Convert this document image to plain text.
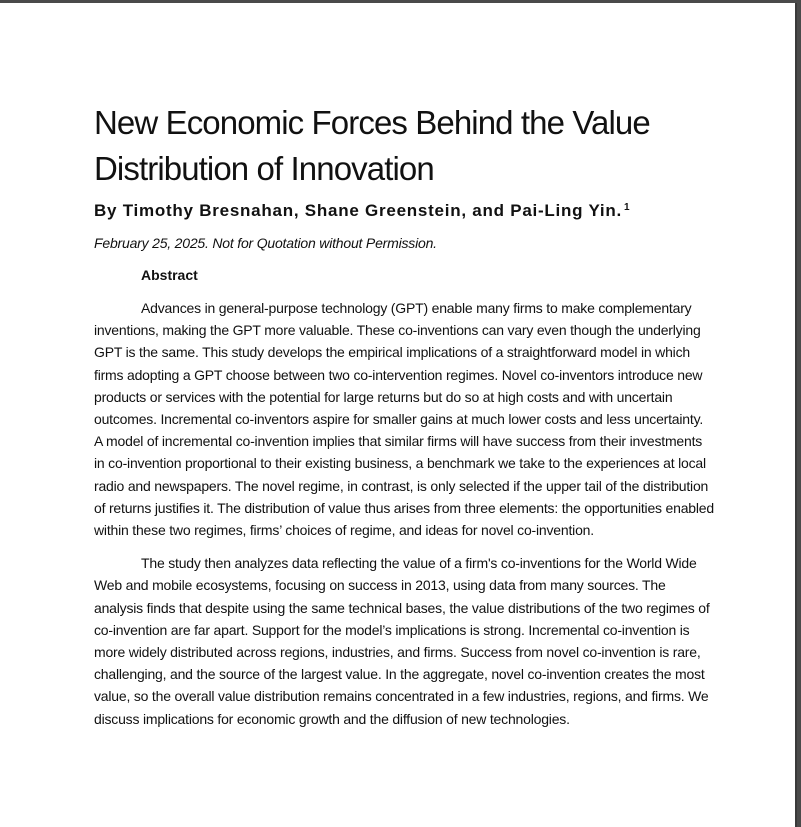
New Economic Forces Behind the Value
Distribution of Innovation
By Timothy Bresnahan, Shane Greenstein, and Pai-Ling Yin. $^1$
February 25, 2025. Not for Quotation without Permission.
Abstract

Advances in general-purpose technology (GPT) enable many firms to make complementary inventions, making the GPT more valuable. These co-inventions can vary even though the underlying GPT is the same. This study develops the empirical implications of a straightforward model in which firms adopting a GPT choose between two co-intervention regimes. Novel co-inventors introduce new products or services with the potential for large returns but do so at high costs and with uncertain outcomes. Incremental co-inventors aspire for smaller gains at much lower costs and less uncertainty. A model of incremental co-invention implies that similar firms will have success from their investments in co-invention proportional to their existing business, a benchmark we take to the experiences at local radio and newspapers. The novel regime, in contrast, is only selected if the upper tail of the distribution of returns justifies it. The distribution of value thus arises from three elements: the opportunities enabled within these two regimes, firms’ choices of regime, and ideas for novel co-invention.

The study then analyzes data reflecting the value of a firm's co-inventions for the World Wide Web and mobile ecosystems, focusing on success in 2013, using data from many sources. The analysis finds that despite using the same technical bases, the value distributions of the two regimes of co-invention are far apart. Support for the model’s implications is strong. Incremental co-invention is more widely distributed across regions, industries, and firms. Success from novel co-invention is rare, challenging, and the source of the largest value. In the aggregate, novel co-invention creates the most value, so the overall value distribution remains concentrated in a few industries, regions, and firms. We discuss implications for economic growth and the diffusion of new technologies.
